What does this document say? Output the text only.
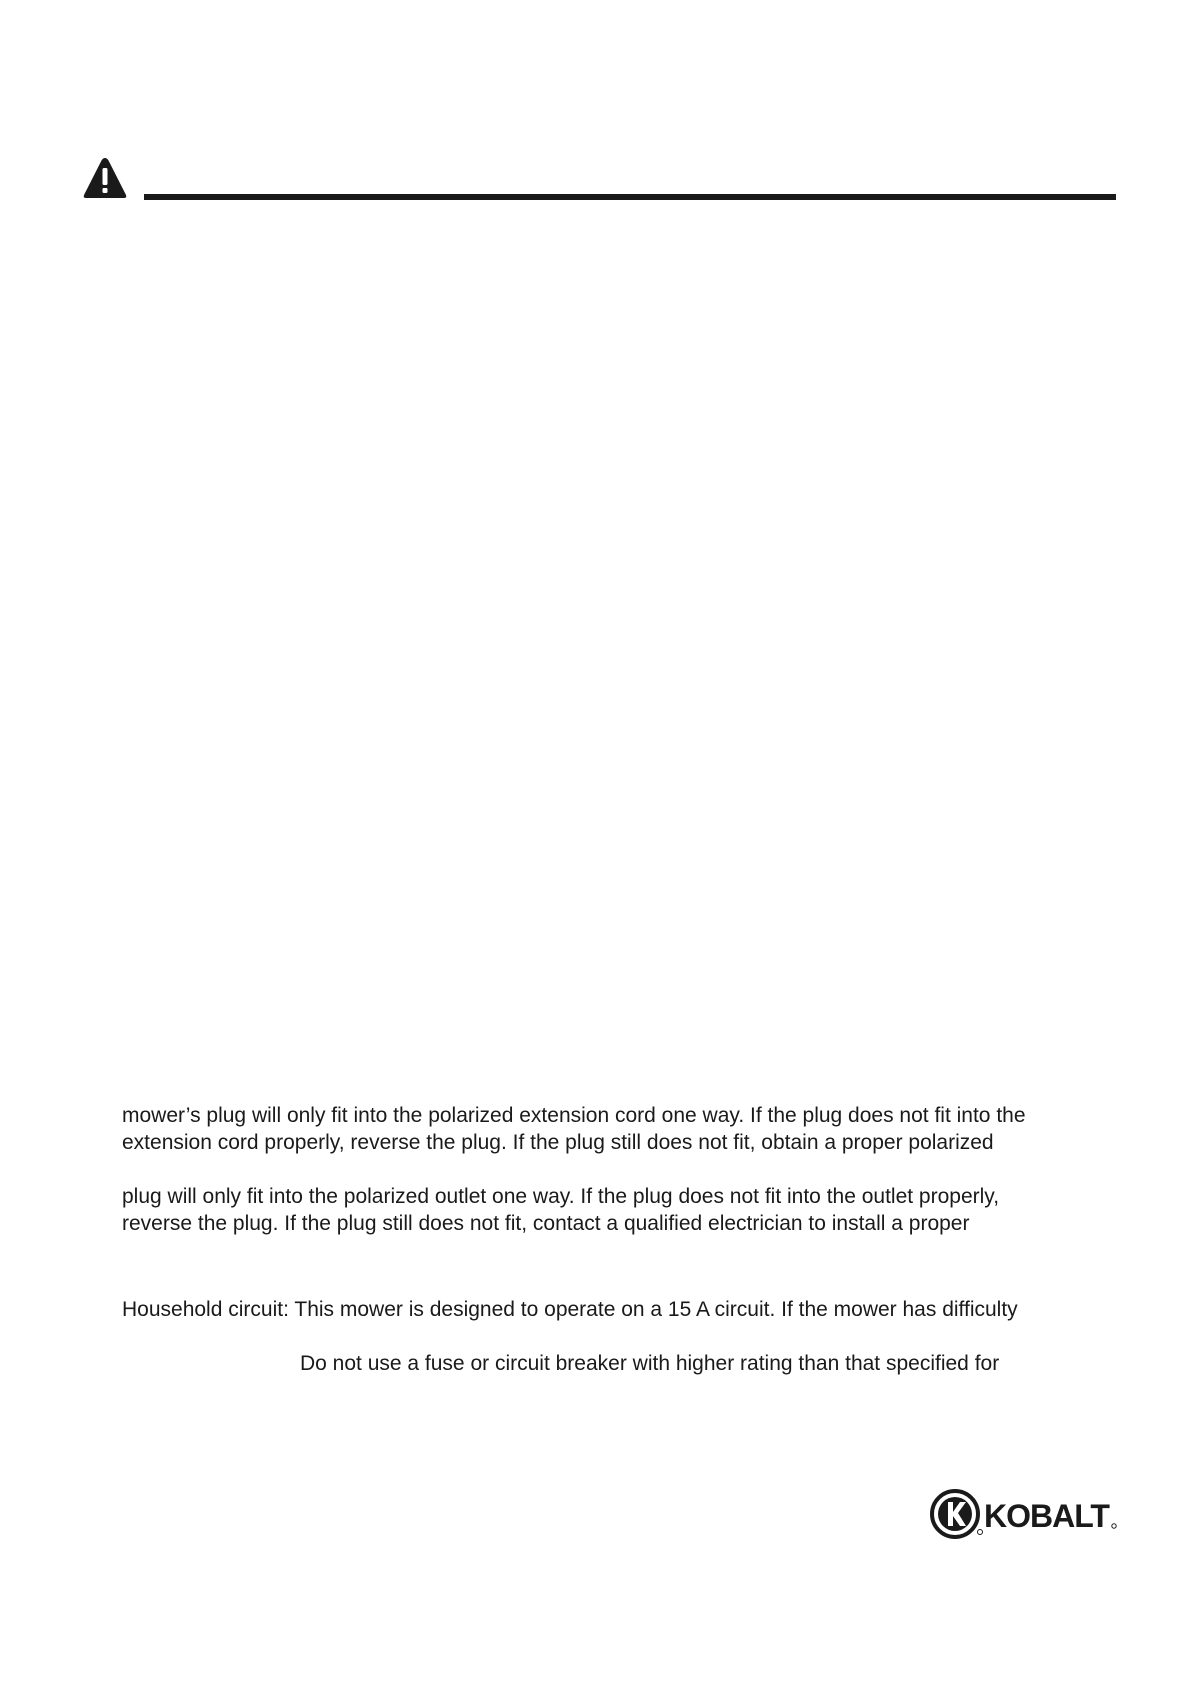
mower’s plug will only fit into the polarized extension cord one way. If the plug does not fit into the
extension cord properly, reverse the plug. If the plug still does not fit, obtain a proper polarized
plug will only fit into the polarized outlet one way. If the plug does not fit into the outlet properly,
reverse the plug. If the plug still does not fit, contact a qualified electrician to install a proper
Household circuit: This mower is designed to operate on a 15 A circuit. If the mower has difficulty
Do not use a fuse or circuit breaker with higher rating than that specified for
KOBALT
